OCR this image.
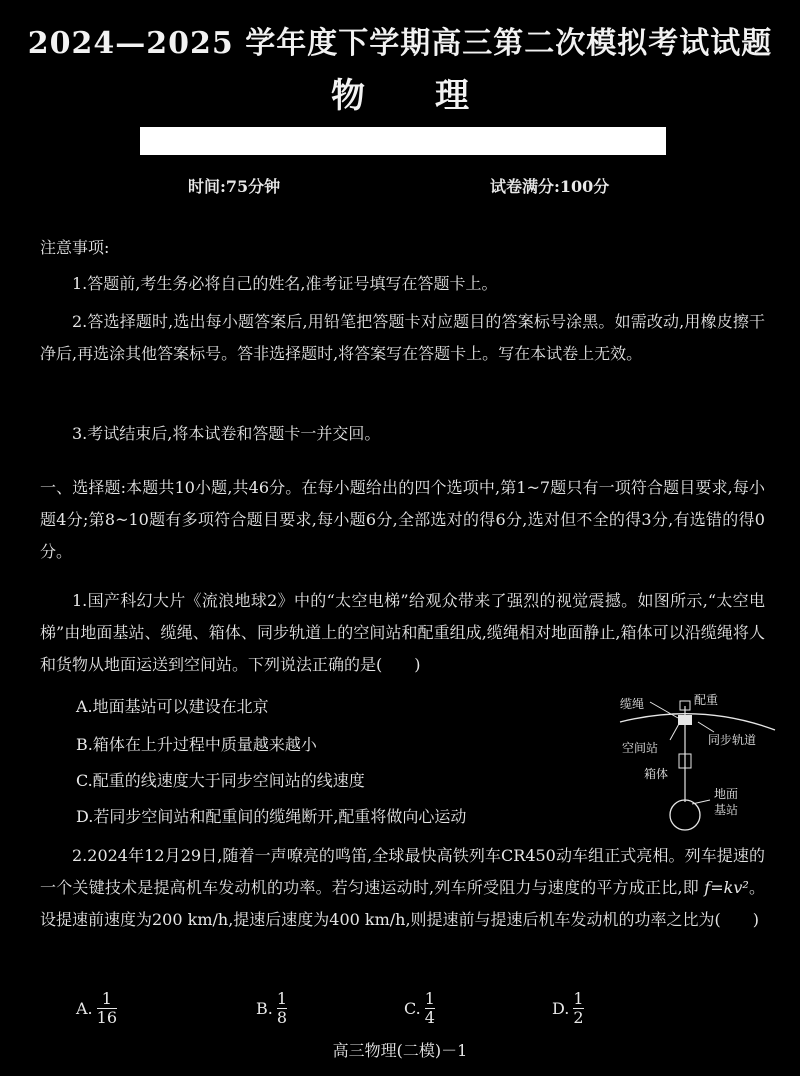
2024—2025 学年度下学期高三第二次模拟考试试题
物理
时间:75分钟	试卷满分:100分
注意事项:
1.答题前,考生务必将自己的姓名,准考证号填写在答题卡上。
2.答选择题时,选出每小题答案后,用铅笔把答题卡对应题目的答案标号涂黑。如需改动,用橡皮擦干净后,再选涂其他答案标号。答非选择题时,将答案写在答题卡上。写在本试卷上无效。
3.考试结束后,将本试卷和答题卡一并交回。
一、选择题:本题共10小题,共46分。在每小题给出的四个选项中,第1~7题只有一项符合题目要求,每小题4分;第8~10题有多项符合题目要求,每小题6分,全部选对的得6分,选对但不全的得3分,有选错的得0分。
1.国产科幻大片《流浪地球2》中的“太空电梯”给观众带来了强烈的视觉震撼。如图所示,“太空电梯”由地面基站、缆绳、箱体、同步轨道上的空间站和配重组成,缆绳相对地面静止,箱体可以沿缆绳将人和货物从地面运送到空间站。下列说法正确的是(　　)
A.地面基站可以建设在北京
B.箱体在上升过程中质量越来越小
C.配重的线速度大于同步空间站的线速度
D.若同步空间站和配重间的缆绳断开,配重将做向心运动
缆绳	配重
空间站
同步轨道
箱体
地面
基站
2.2024年12月29日,随着一声嘹亮的鸣笛,全球最快高铁列车CR450动车组正式亮相。列车提速的一个关键技术是提高机车发动机的功率。若匀速运动时,列车所受阻力与速度的平方成正比,即 f=kv²。设提速前速度为200 km/h,提速后速度为400 km/h,则提速前与提速后机车发动机的功率之比为(　　)
A. $\frac{1}{16}$	B. $\frac{1}{8}$	C. $\frac{1}{4}$	D. $\frac{1}{2}$
高三物理(二模)－1
